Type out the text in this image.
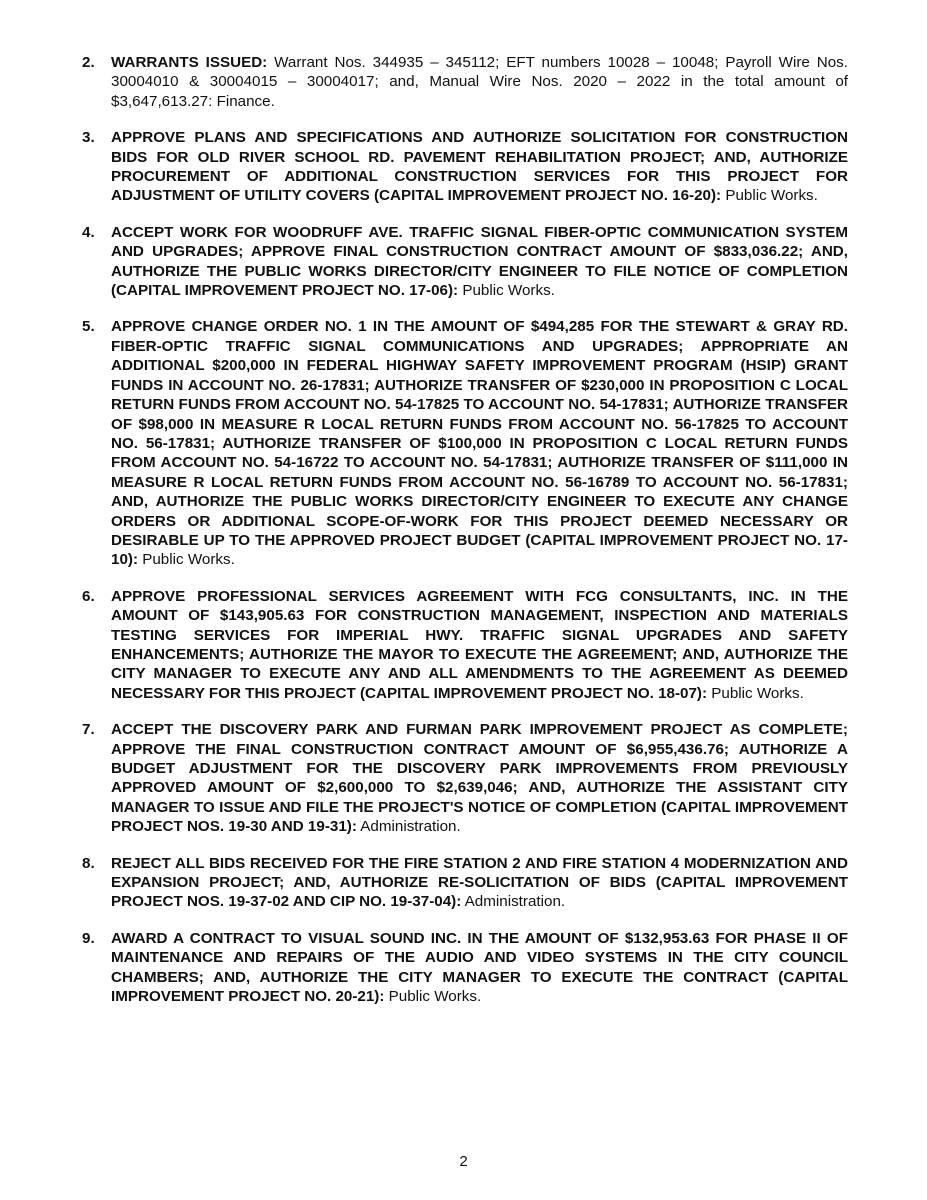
2.	WARRANTS ISSUED: Warrant Nos. 344935 – 345112; EFT numbers 10028 – 10048; Payroll Wire Nos. 30004010 & 30004015 – 30004017; and, Manual Wire Nos. 2020 – 2022 in the total amount of $3,647,613.27: Finance.
3.	APPROVE PLANS AND SPECIFICATIONS AND AUTHORIZE SOLICITATION FOR CONSTRUCTION BIDS FOR OLD RIVER SCHOOL RD. PAVEMENT REHABILITATION PROJECT; AND, AUTHORIZE PROCUREMENT OF ADDITIONAL CONSTRUCTION SERVICES FOR THIS PROJECT FOR ADJUSTMENT OF UTILITY COVERS (CAPITAL IMPROVEMENT PROJECT NO. 16-20): Public Works.
4.	ACCEPT WORK FOR WOODRUFF AVE. TRAFFIC SIGNAL FIBER-OPTIC COMMUNICATION SYSTEM AND UPGRADES; APPROVE FINAL CONSTRUCTION CONTRACT AMOUNT OF $833,036.22; AND, AUTHORIZE THE PUBLIC WORKS DIRECTOR/CITY ENGINEER TO FILE NOTICE OF COMPLETION (CAPITAL IMPROVEMENT PROJECT NO. 17-06): Public Works.
5.	APPROVE CHANGE ORDER NO. 1 IN THE AMOUNT OF $494,285 FOR THE STEWART & GRAY RD. FIBER-OPTIC TRAFFIC SIGNAL COMMUNICATIONS AND UPGRADES; APPROPRIATE AN ADDITIONAL $200,000 IN FEDERAL HIGHWAY SAFETY IMPROVEMENT PROGRAM (HSIP) GRANT FUNDS IN ACCOUNT NO. 26-17831; AUTHORIZE TRANSFER OF $230,000 IN PROPOSITION C LOCAL RETURN FUNDS FROM ACCOUNT NO. 54-17825 TO ACCOUNT NO. 54-17831; AUTHORIZE TRANSFER OF $98,000 IN MEASURE R LOCAL RETURN FUNDS FROM ACCOUNT NO. 56-17825 TO ACCOUNT NO. 56-17831; AUTHORIZE TRANSFER OF $100,000 IN PROPOSITION C LOCAL RETURN FUNDS FROM ACCOUNT NO. 54-16722 TO ACCOUNT NO. 54-17831; AUTHORIZE TRANSFER OF $111,000 IN MEASURE R LOCAL RETURN FUNDS FROM ACCOUNT NO. 56-16789 TO ACCOUNT NO. 56-17831; AND, AUTHORIZE THE PUBLIC WORKS DIRECTOR/CITY ENGINEER TO EXECUTE ANY CHANGE ORDERS OR ADDITIONAL SCOPE-OF-WORK FOR THIS PROJECT DEEMED NECESSARY OR DESIRABLE UP TO THE APPROVED PROJECT BUDGET (CAPITAL IMPROVEMENT PROJECT NO. 17-10): Public Works.
6.	APPROVE PROFESSIONAL SERVICES AGREEMENT WITH FCG CONSULTANTS, INC. IN THE AMOUNT OF $143,905.63 FOR CONSTRUCTION MANAGEMENT, INSPECTION AND MATERIALS TESTING SERVICES FOR IMPERIAL HWY. TRAFFIC SIGNAL UPGRADES AND SAFETY ENHANCEMENTS; AUTHORIZE THE MAYOR TO EXECUTE THE AGREEMENT; AND, AUTHORIZE THE CITY MANAGER TO EXECUTE ANY AND ALL AMENDMENTS TO THE AGREEMENT AS DEEMED NECESSARY FOR THIS PROJECT (CAPITAL IMPROVEMENT PROJECT NO. 18-07): Public Works.
7.	ACCEPT THE DISCOVERY PARK AND FURMAN PARK IMPROVEMENT PROJECT AS COMPLETE; APPROVE THE FINAL CONSTRUCTION CONTRACT AMOUNT OF $6,955,436.76; AUTHORIZE A BUDGET ADJUSTMENT FOR THE DISCOVERY PARK IMPROVEMENTS FROM PREVIOUSLY APPROVED AMOUNT OF $2,600,000 TO $2,639,046; AND, AUTHORIZE THE ASSISTANT CITY MANAGER TO ISSUE AND FILE THE PROJECT'S NOTICE OF COMPLETION (CAPITAL IMPROVEMENT PROJECT NOS. 19-30 AND 19-31): Administration.
8.	REJECT ALL BIDS RECEIVED FOR THE FIRE STATION 2 AND FIRE STATION 4 MODERNIZATION AND EXPANSION PROJECT; AND, AUTHORIZE RE-SOLICITATION OF BIDS (CAPITAL IMPROVEMENT PROJECT NOS. 19-37-02 AND CIP NO. 19-37-04): Administration.
9.	AWARD A CONTRACT TO VISUAL SOUND INC. IN THE AMOUNT OF $132,953.63 FOR PHASE II OF MAINTENANCE AND REPAIRS OF THE AUDIO AND VIDEO SYSTEMS IN THE CITY COUNCIL CHAMBERS; AND, AUTHORIZE THE CITY MANAGER TO EXECUTE THE CONTRACT (CAPITAL IMPROVEMENT PROJECT NO. 20-21): Public Works.
2
